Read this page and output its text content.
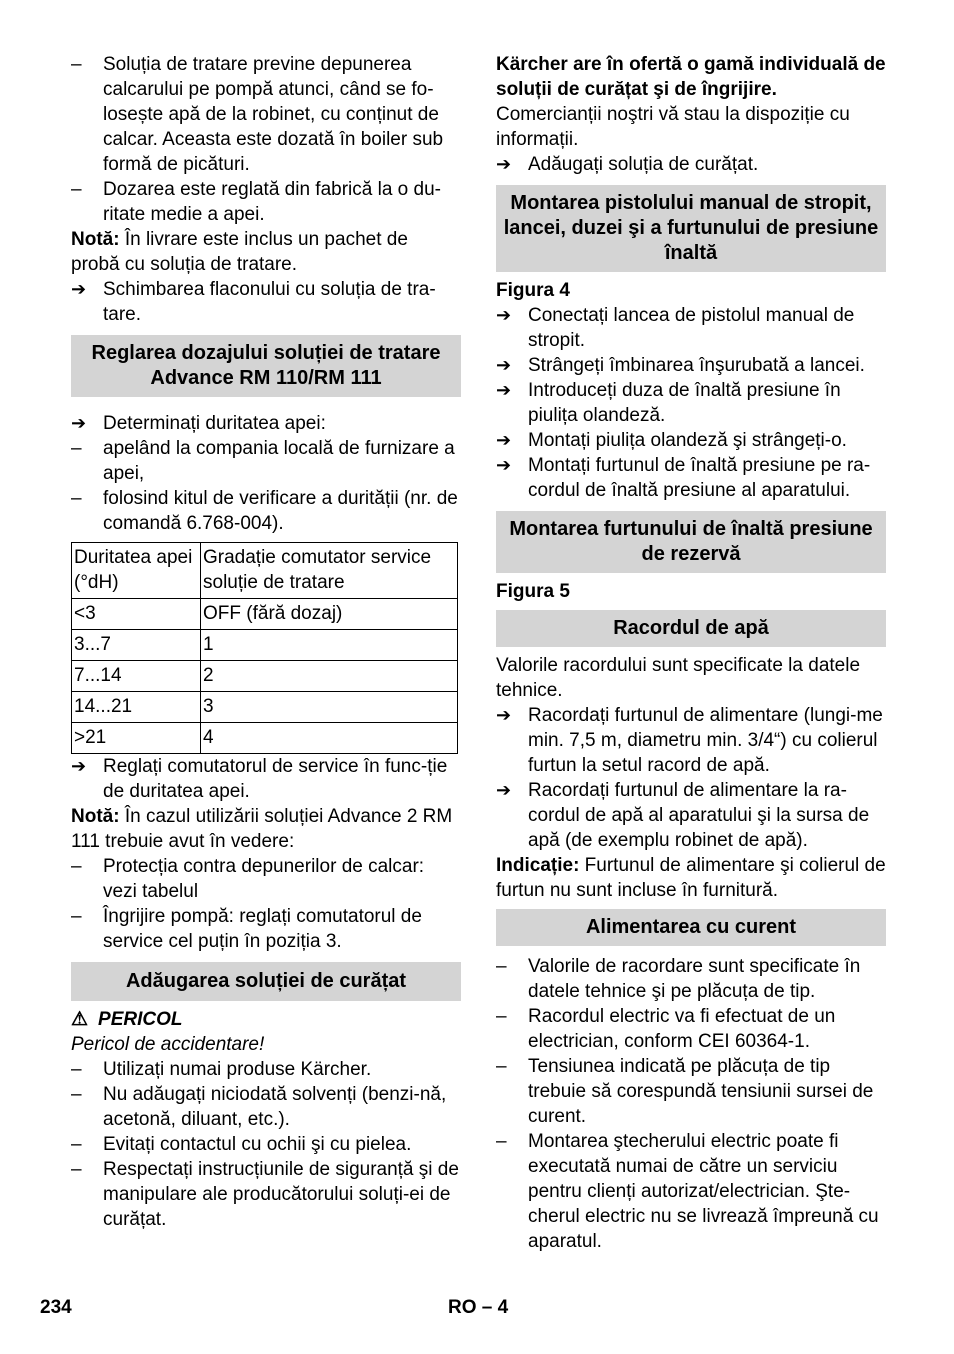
– Soluția de tratare previne depunerea calcarului pe pompă atunci, când se fo-losește apă de la robinet, cu conținut de calcar. Aceasta este dozată în boiler sub formă de picături.
– Dozarea este reglată din fabrică la o du-ritate medie a apei.

Notă: În livrare este inclus un pachet de probă cu soluția de tratare.

➔ Schimbarea flaconului cu soluția de tra-tare.
Reglarea dozajului soluției de tratare Advance RM 110/RM 111
➔ Determinați duritatea apei:
– apelând la compania locală de furnizare a apei,
– folosind kitul de verificare a durității (nr. de comandă 6.768-004).
Duritatea apei (°dH)	Gradație comutator service soluție de tratare
<3	OFF (fără dozaj)
3...7	1
7...14	2
14...21	3
>21	4
➔ Reglați comutatorul de service în func-ție de duritatea apei.

Notă: În cazul utilizării soluției Advance 2 RM 111 trebuie avut în vedere:

– Protecția contra depunerilor de calcar: vezi tabelul
– Îngrijire pompă: reglați comutatorul de service cel puțin în poziția 3.
Adăugarea soluției de curățat

⚠ PERICOL

Pericol de accidentare!

– Utilizați numai produse Kärcher.
– Nu adăugați niciodată solvenți (benzi-nă, acetonă, diluant, etc.).
– Evitați contactul cu ochii şi cu pielea.
– Respectați instrucțiunile de siguranță şi de manipulare ale producătorului soluți-ei de curățat.

Kärcher are în ofertă o gamă individuală de soluții de curățat şi de îngrijire.

Comercianții noştri vă stau la dispoziție cu informații.

➔ Adăugați soluția de curățat.
Montarea pistolului manual de stropit, lancei, duzei şi a furtunului de presiune înaltă

Figura 4

➔ Conectați lancea de pistolul manual de stropit.
➔ Strângeți îmbinarea înşurubată a lancei.
➔ Introduceți duza de înaltă presiune în piulița olandeză.
➔ Montați piulița olandeză şi strângeți-o.
➔ Montați furtunul de înaltă presiune pe ra-cordul de înaltă presiune al aparatului.
Montarea furtunului de înaltă presiune de rezervă

Figura 5

Racordul de apă

Valorile racordului sunt specificate la datele tehnice.

➔ Racordați furtunul de alimentare (lungi-me min. 7,5 m, diametru min. 3/4“) cu colierul furtun la setul racord de apă.
➔ Racordați furtunul de alimentare la ra-cordul de apă al aparatului şi la sursa de apă (de exemplu robinet de apă).

Indicație: Furtunul de alimentare şi colierul de furtun nu sunt incluse în furnitură.

Alimentarea cu curent
– Valorile de racordare sunt specificate în datele tehnice şi pe plăcuța de tip.
– Racordul electric va fi efectuat de un electrician, conform CEI 60364-1.
– Tensiunea indicată pe plăcuța de tip trebuie să corespundă tensiunii sursei de curent.
– Montarea ştecherului electric poate fi executată numai de către un serviciu pentru clienți autorizat/electrician. Şte-cherul electric nu se livrează împreună cu aparatul.
234	RO – 4
